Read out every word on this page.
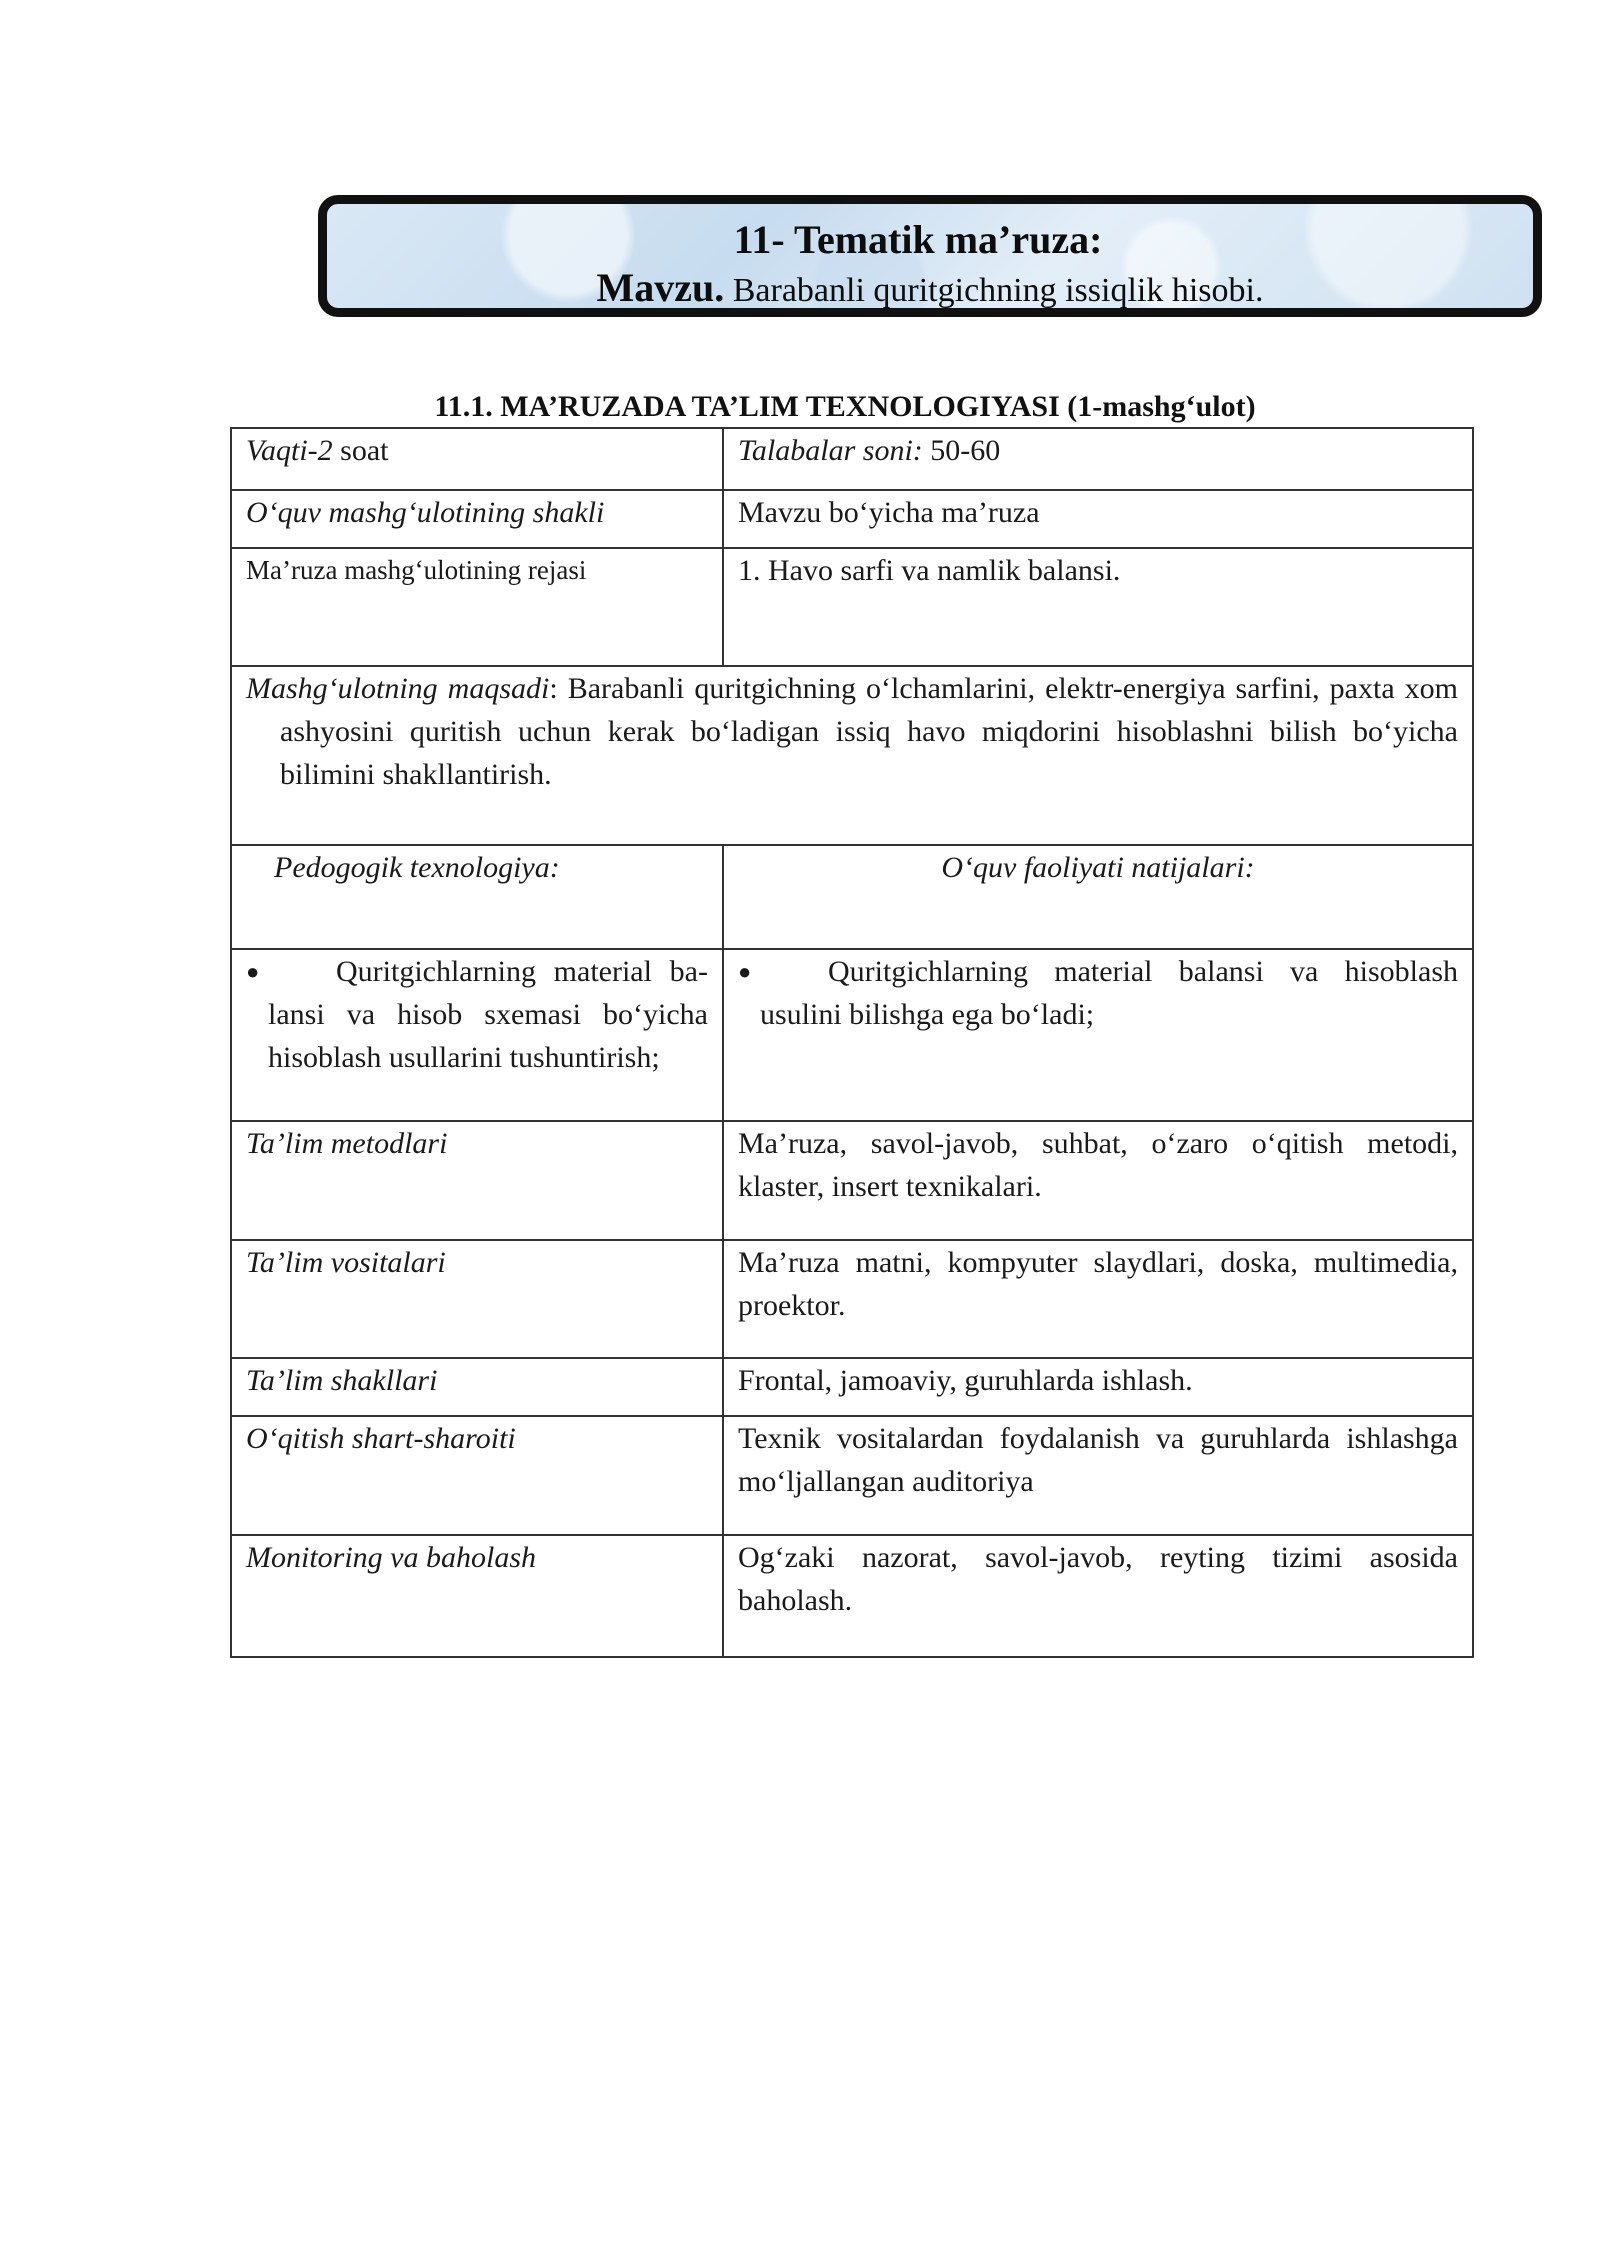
11- Tematik ma’ruza:
Mavzu. Barabanli quritgichning issiqlik hisobi.
11.1. MA’RUZADA TA’LIM TEXNOLOGIYASI (1-mashg‘ulot)
Vaqti-2 soat	Talabalar soni: 50-60
O‘quv mashg‘ulotining shakli	Mavzu bo‘yicha ma’ruza
Ma’ruza mashg‘ulotining rejasi	1. Havo sarfi va namlik balansi.

Mashg‘ulotning maqsadi: Barabanli quritgichning o‘lchamlarini, elektr-energiya sarfini, paxta xom ashyosini quritish uchun kerak bo‘ladigan issiq havo miqdorini hisoblashni bilish bo‘yicha bilimini shakllantirish.	

Pedogogik texnologiya:	O‘quv faoliyati natijalari:

● Quritgichlarning material ba-lansi va hisob sxemasi bo‘yicha hisoblash usullarini tushuntirish;	● Quritgichlarning material balansi va hisoblash usulini bilishga ega bo‘ladi;

Ta’lim metodlari	Ma’ruza, savol-javob, suhbat, o‘zaro o‘qitish metodi, klaster, insert texnikalari.
Ta’lim vositalari	Ma’ruza matni, kompyuter slaydlari, doska, multimedia, proektor.
Ta’lim shakllari	Frontal, jamoaviy, guruhlarda ishlash.
O‘qitish shart-sharoiti	Texnik vositalardan foydalanish va guruhlarda ishlashga mo‘ljallangan auditoriya
Monitoring va baholash	Og‘zaki nazorat, savol-javob, reyting tizimi asosida baholash.
